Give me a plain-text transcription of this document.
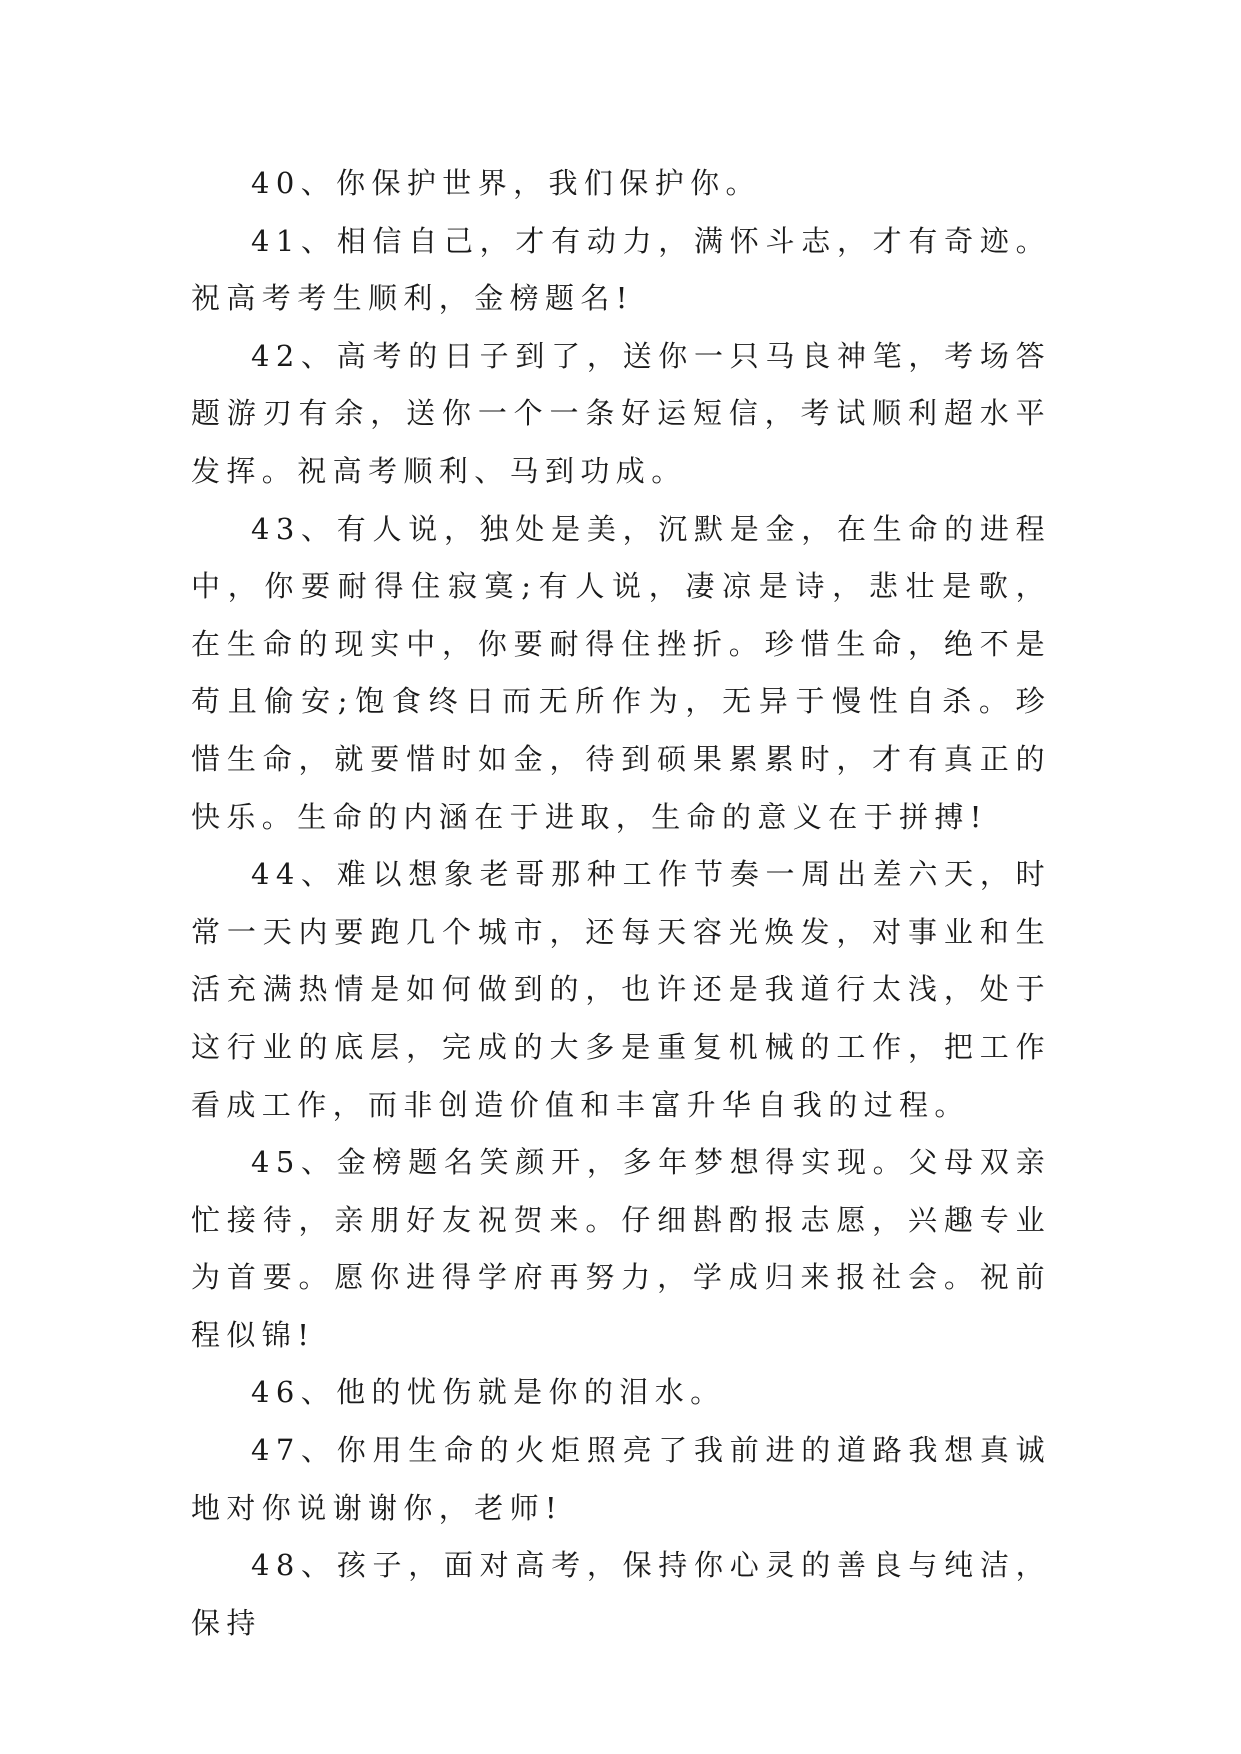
40、你保护世界，我们保护你。

41、相信自己，才有动力，满怀斗志，才有奇迹。祝高考考生顺利，金榜题名!

42、高考的日子到了，送你一只马良神笔，考场答题游刃有余，送你一个一条好运短信，考试顺利超水平发挥。祝高考顺利、马到功成。

43、有人说，独处是美，沉默是金，在生命的进程中，你要耐得住寂寞;有人说，凄凉是诗，悲壮是歌，在生命的现实中，你要耐得住挫折。珍惜生命，绝不是苟且偷安;饱食终日而无所作为，无异于慢性自杀。珍惜生命，就要惜时如金，待到硕果累累时，才有真正的快乐。生命的内涵在于进取，生命的意义在于拼搏!

44、难以想象老哥那种工作节奏一周出差六天，时常一天内要跑几个城市，还每天容光焕发，对事业和生活充满热情是如何做到的，也许还是我道行太浅，处于这行业的底层，完成的大多是重复机械的工作，把工作看成工作，而非创造价值和丰富升华自我的过程。

45、金榜题名笑颜开，多年梦想得实现。父母双亲忙接待，亲朋好友祝贺来。仔细斟酌报志愿，兴趣专业为首要。愿你进得学府再努力，学成归来报社会。祝前程似锦!

46、他的忧伤就是你的泪水。

47、你用生命的火炬照亮了我前进的道路我想真诚地对你说谢谢你，老师!

48、孩子，面对高考，保持你心灵的善良与纯洁，保持
